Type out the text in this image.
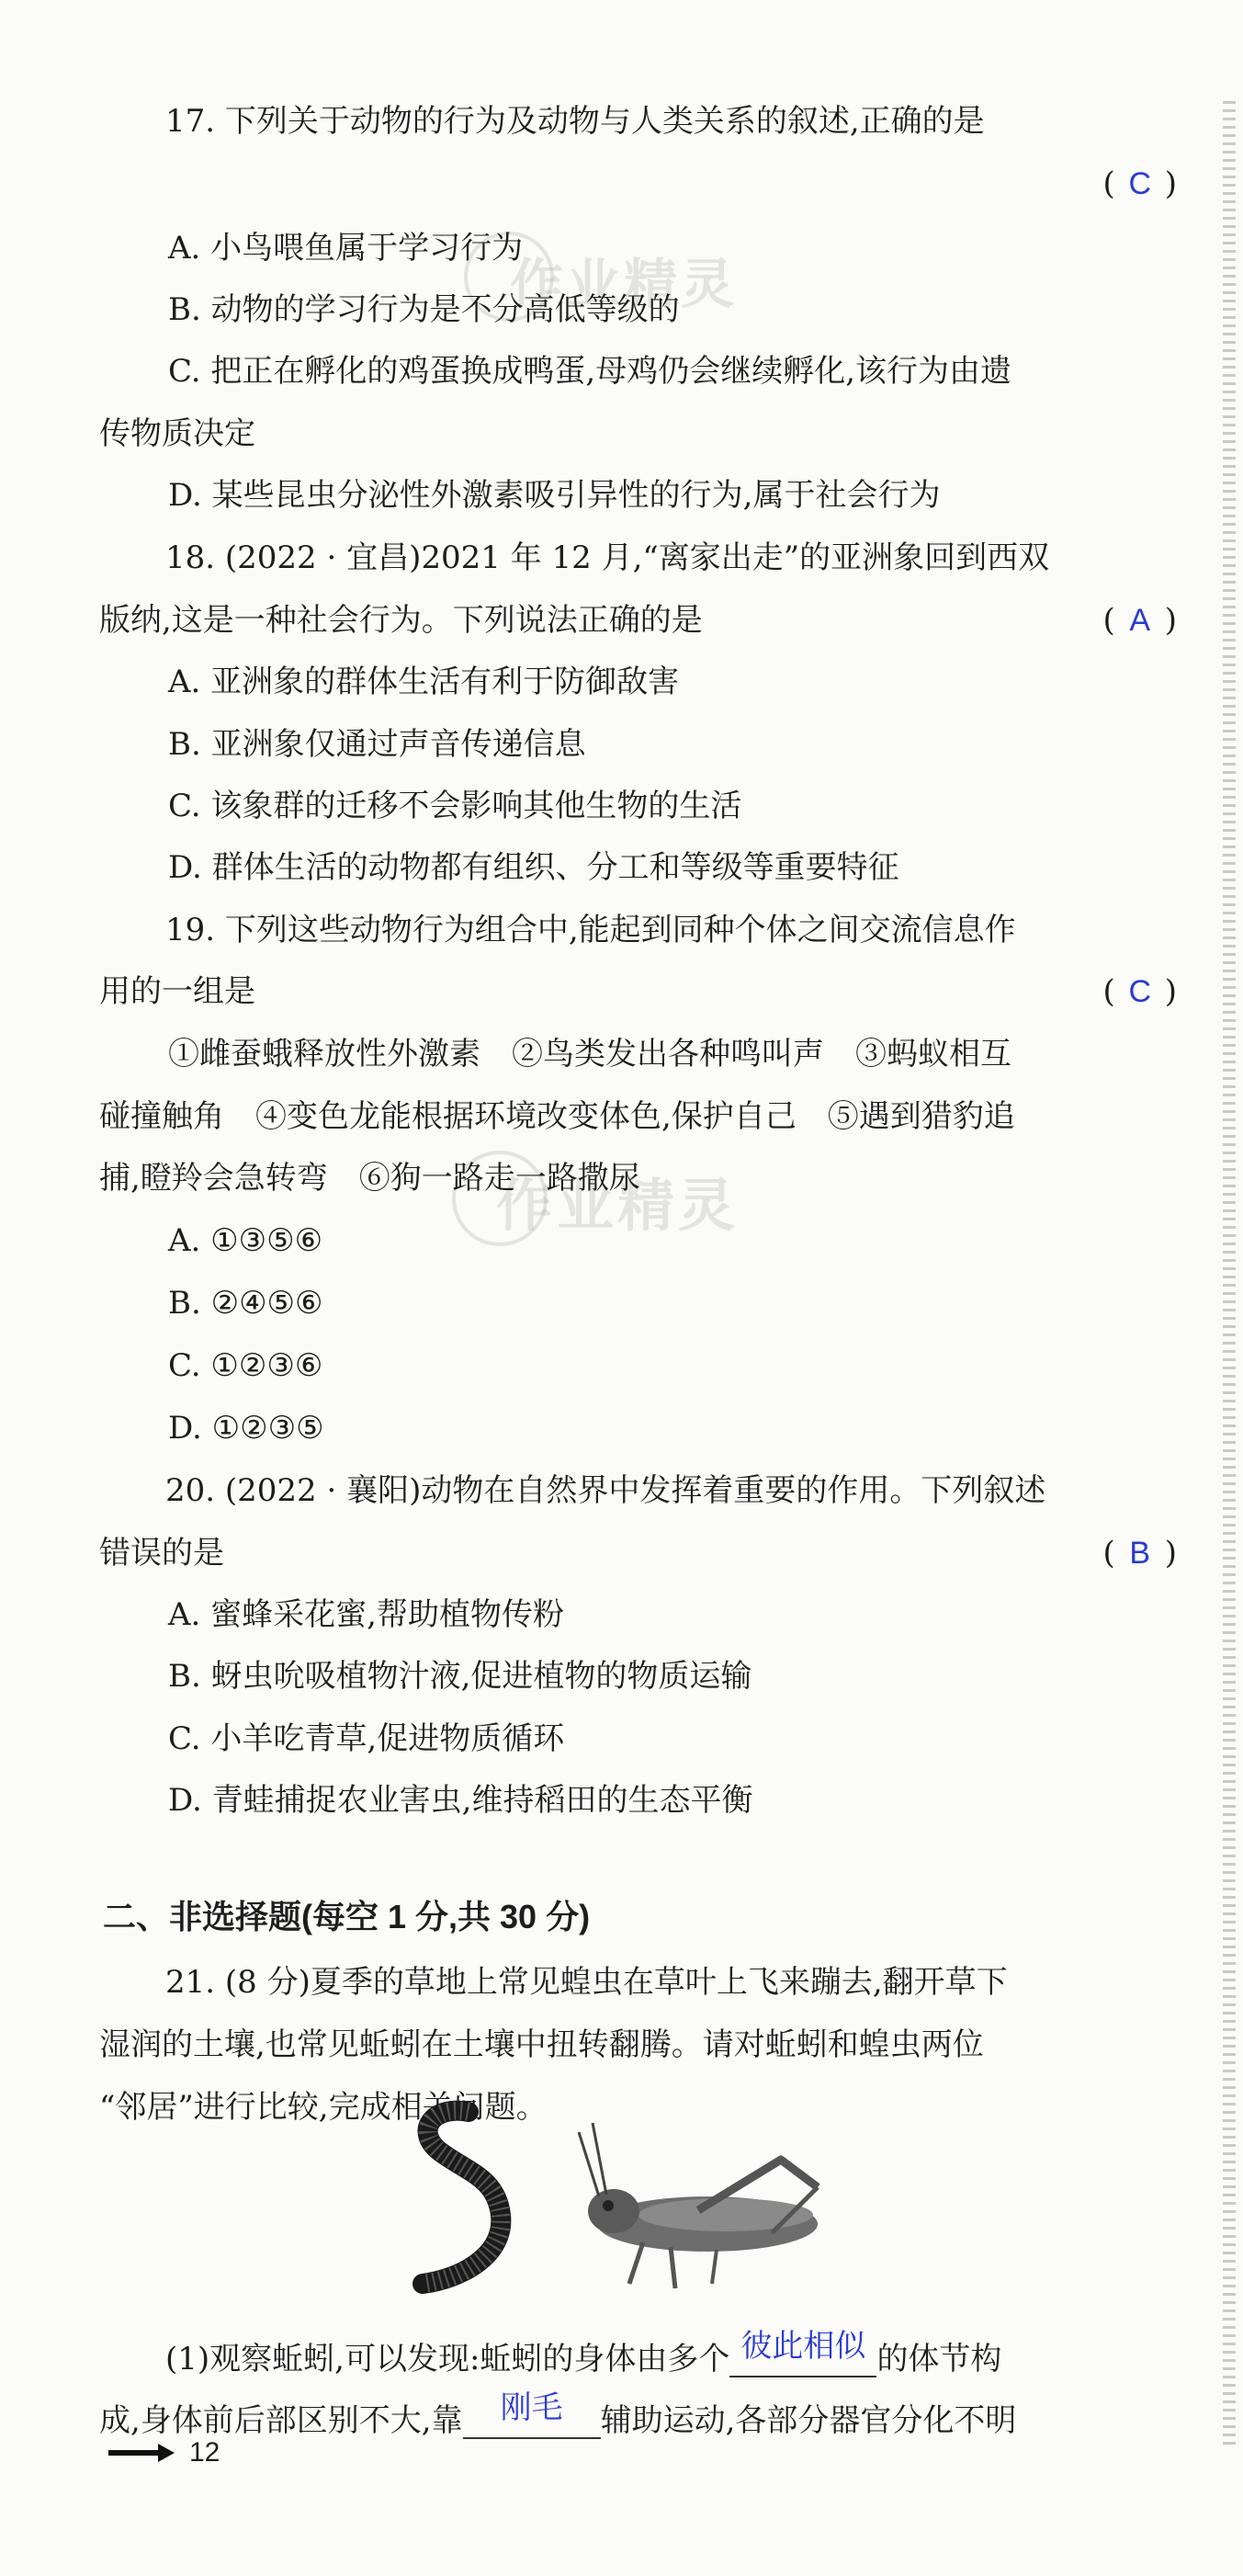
作业精灵
作业精灵
17. 下列关于动物的行为及动物与人类关系的叙述,正确的是
( C )
A. 小鸟喂鱼属于学习行为
B. 动物的学习行为是不分高低等级的
C. 把正在孵化的鸡蛋换成鸭蛋,母鸡仍会继续孵化,该行为由遗
传物质决定
D. 某些昆虫分泌性外激素吸引异性的行为,属于社会行为
18. (2022 · 宜昌)2021 年 12 月,“离家出走”的亚洲象回到西双
版纳,这是一种社会行为。下列说法正确的是	( A )
A. 亚洲象的群体生活有利于防御敌害
B. 亚洲象仅通过声音传递信息
C. 该象群的迁移不会影响其他生物的生活
D. 群体生活的动物都有组织、分工和等级等重要特征
19. 下列这些动物行为组合中,能起到同种个体之间交流信息作
用的一组是	( C )
①雌蚕蛾释放性外激素　②鸟类发出各种鸣叫声　③蚂蚁相互
碰撞触角　④变色龙能根据环境改变体色,保护自己　⑤遇到猎豹追
捕,瞪羚会急转弯　⑥狗一路走一路撒尿
A. ①③⑤⑥
B. ②④⑤⑥
C. ①②③⑥
D. ①②③⑤
20. (2022 · 襄阳)动物在自然界中发挥着重要的作用。下列叙述
错误的是	( B )
A. 蜜蜂采花蜜,帮助植物传粉
B. 蚜虫吮吸植物汁液,促进植物的物质运输
C. 小羊吃青草,促进物质循环
D. 青蛙捕捉农业害虫,维持稻田的生态平衡
二、非选择题(每空 1 分,共 30 分)
21. (8 分)夏季的草地上常见蝗虫在草叶上飞来蹦去,翻开草下
湿润的土壤,也常见蚯蚓在土壤中扭转翻腾。请对蚯蚓和蝗虫两位
“邻居”进行比较,完成相关问题。
(1)观察蚯蚓,可以发现:蚯蚓的身体由多个 彼此相似 的体节构
成,身体前后部区别不大,靠 刚毛 辅助运动,各部分器官分化不明
12
